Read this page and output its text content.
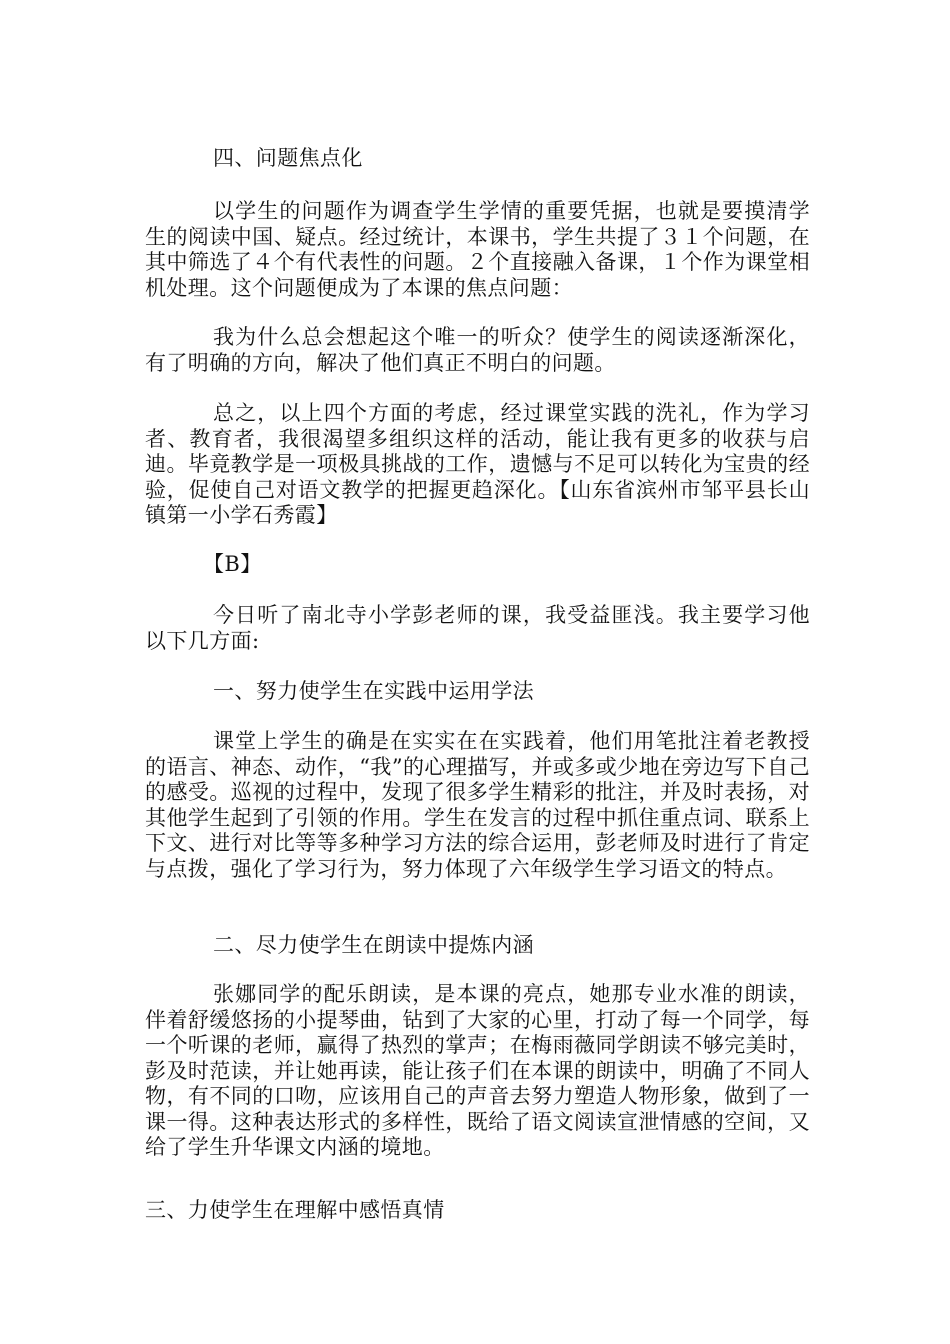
四、问题焦点化

以学生的问题作为调查学生学情的重要凭据，也就是要摸清学生的阅读中国、疑点。经过统计，本课书，学生共提了３１个问题，在其中筛选了４个有代表性的问题。２个直接融入备课，１个作为课堂相机处理。这个问题便成为了本课的焦点问题：

我为什么总会想起这个唯一的听众？使学生的阅读逐渐深化，有了明确的方向，解决了他们真正不明白的问题。

总之，以上四个方面的考虑，经过课堂实践的洗礼，作为学习者、教育者，我很渴望多组织这样的活动，能让我有更多的收获与启迪。毕竟教学是一项极具挑战的工作，遗憾与不足可以转化为宝贵的经验，促使自己对语文教学的把握更趋深化。【山东省滨州市邹平县长山镇第一小学石秀霞】

【B】

今日听了南北寺小学彭老师的课，我受益匪浅。我主要学习他以下几方面:

一、努力使学生在实践中运用学法

课堂上学生的确是在实实在在实践着，他们用笔批注着老教授的语言、神态、动作，“我”的心理描写，并或多或少地在旁边写下自己的感受。巡视的过程中，发现了很多学生精彩的批注，并及时表扬，对其他学生起到了引领的作用。学生在发言的过程中抓住重点词、联系上下文、进行对比等等多种学习方法的综合运用，彭老师及时进行了肯定与点拨，强化了学习行为，努力体现了六年级学生学习语文的特点。

二、尽力使学生在朗读中提炼内涵

张娜同学的配乐朗读，是本课的亮点，她那专业水准的朗读，伴着舒缓悠扬的小提琴曲，钻到了大家的心里，打动了每一个同学，每一个听课的老师，赢得了热烈的掌声；在梅雨薇同学朗读不够完美时，彭及时范读，并让她再读，能让孩子们在本课的朗读中，明确了不同人物，有不同的口吻，应该用自己的声音去努力塑造人物形象，做到了一课一得。这种表达形式的多样性，既给了语文阅读宣泄情感的空间，又给了学生升华课文内涵的境地。

三、力使学生在理解中感悟真情
